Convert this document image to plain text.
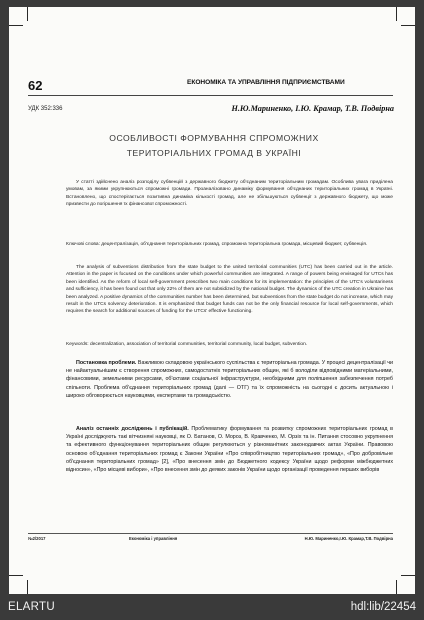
62	ЕКОНОМІКА ТА УПРАВЛІННЯ ПІДПРИЄМСТВАМИ
УДК 352:336	Н.Ю.Мариненко, І.Ю. Крамар, Т.В. Подвірна
ОСОБЛИВОСТІ ФОРМУВАННЯ СПРОМОЖНИХ
ТЕРИТОРІАЛЬНИХ ГРОМАД В УКРАЇНІ
У статті здійснено аналіз розподілу субвенцій з державного бюджету об'єднаним територіальним громадам. Особлива увага приділена умовам, за якими укрупнюються спроможні громади. Проаналізовано динаміку формування об'єднаних територіальних громад в Україні. Встановлено, що спостерігається позитивна динаміка кількості громад, але не збільшуються субвенції з державного бюджету, що може призвести до погіршення їх фінансової спроможності.
Ключові слова: децентралізація, об'єднання територіальних громад, спроможна територіальна громада, місцевий бюджет, субвенція.
The analysis of subventions distribution from the state budget to the united territorial communities (UTC) has been carried out in the article. Attention in the paper is focused on the conditions under which powerful communities are integrated. A range of powers being envisaged for UTCs has been identified. As the reform of local self-government prescribes two main conditions for its implementation: the principles of the UTC's voluntariness and sufficiency, it has been found out that only 22% of them are not subsidized by the national budget. The dynamics of the UTC creation in Ukraine has been analyzed. A positive dynamics of the communities number has been determined, but subventions from the state budget do not increase, which may result in the UTCs solvency deterioration. It is emphasized that budget funds can not be the only financial resource for local self-governments, which requires the search for additional sources of funding for the UTCs' effective functioning.
Keywords: decentralization, association of territorial communities, territorial community, local budget, subvention.
Постановка проблеми. Важливою складовою українського суспільства є територіальна громада. У процесі децентралізації чи не найактуальнішим є створення спроможних, самодостатніх територіальних общин, які б володіли відповідними матеріальними, фінансовими, земельними ресурсами, об'єктами соціальної інфраструктури, необхідними для поліпшення забезпечення потреб спільноти. Проблема об'єднання територіальних громад (далі — ОТГ) та їх спроможність на сьогодні є досить актуальною і широко обговорюється науковцями, експертами та громадськістю.
Аналіз останніх досліджень і публікацій. Проблематику формування та розвитку спроможних територіальних громад в Україні досліджують такі вітчизняні науковці, як О. Батанов, О. Мороз, В. Кравченко, М. Орзіх та ін. Питання стосовно укрупнення та ефективного функціонування територіальних общин регулюються у різноманітних законодавчих актах України. Правовою основою об'єднання територіальних громад є Закони України «Про співробітництво територіальних громад», «Про добровільне об'єднання територіальних громад» [2], «Про внесення змін до Бюджетного кодексу України щодо реформи міжбюджетних відносин», «Про місцеві вибори», «Про внесення змін до деяких законів України щодо організації проведення перших виборів
№2/2017	Економіка і управління	Н.Ю. Мариненко,І.Ю. Крамар,Т.В. Подвірна
ELARTU	hdl:lib/22454
